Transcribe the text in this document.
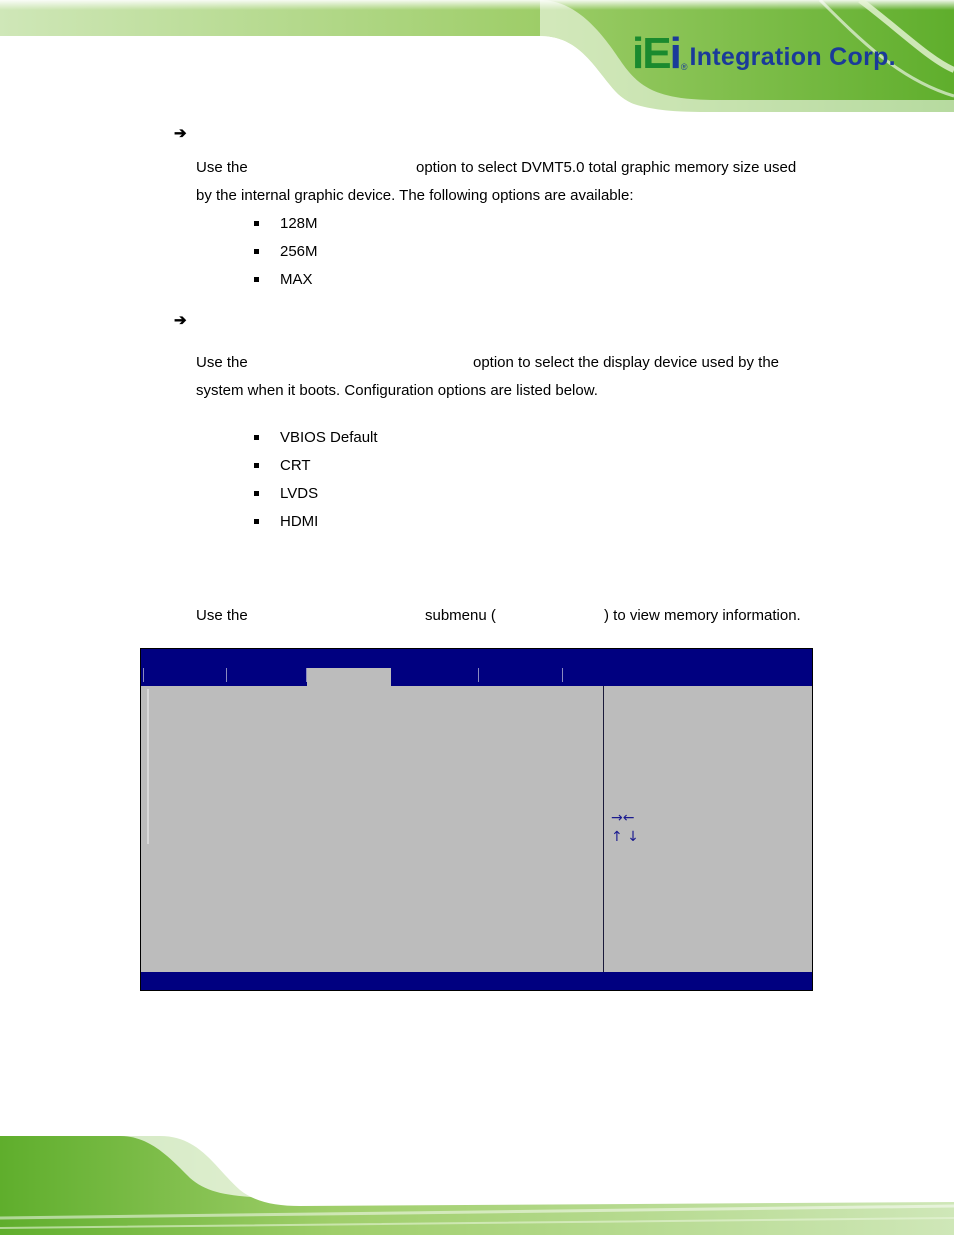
iEi ® Integration Corp.
➔
Use the	option to select DVMT5.0 total graphic memory size used
by the internal graphic device. The following options are available:
128M
256M
MAX
➔
Use the	option to select the display device used by the
system when it boots. Configuration options are listed below.
VBIOS Default
CRT
LVDS
HDMI
Use the	submenu (	) to view memory information.
→←
↑ ↓
